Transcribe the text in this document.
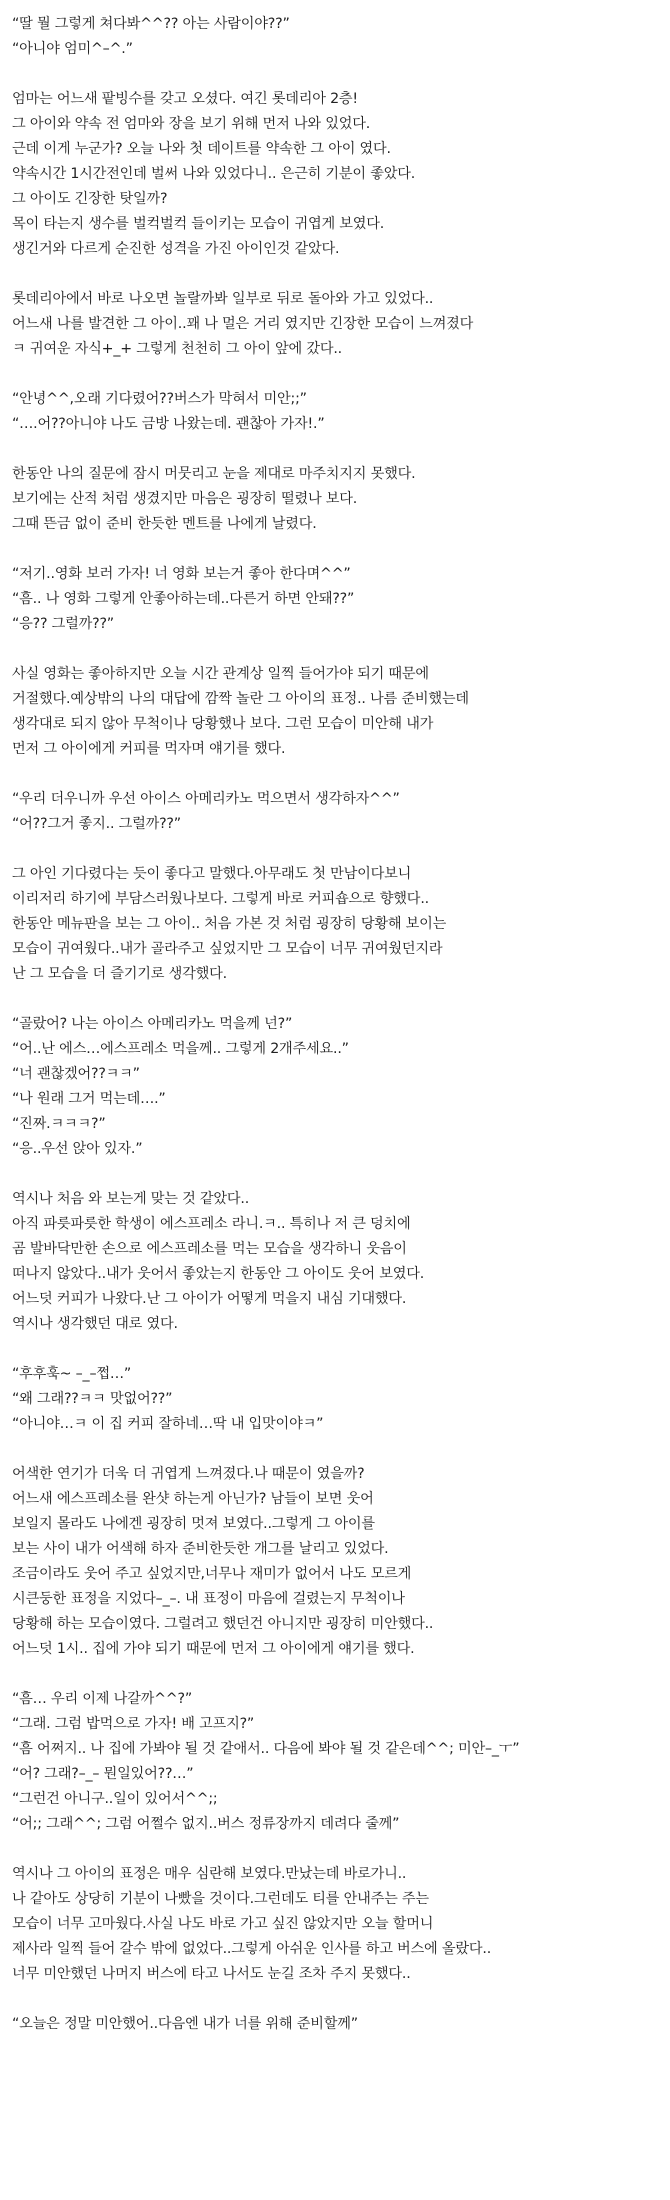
“딸 뭘 그렇게 쳐다봐^^?? 아는 사람이야??”
“아니야 엄미^–^.”
엄마는 어느새 팥빙수를 갖고 오셨다. 여긴 롯데리아 2층!
그 아이와 약속 전 엄마와 장을 보기 위해 먼저 나와 있었다.
근데 이게 누군가? 오늘 나와 첫 데이트를 약속한 그 아이 였다.
약속시간 1시간전인데 벌써 나와 있었다니.. 은근히 기분이 좋았다.
그 아이도 긴장한 탓일까?
목이 타는지 생수를 벌컥벌컥 들이키는 모습이 귀엽게 보였다.
생긴거와 다르게 순진한 성격을 가진 아이인것 같았다.
롯데리아에서 바로 나오면 놀랄까봐 일부로 뒤로 돌아와 가고 있었다..
어느새 나를 발견한 그 아이..꽤 나 멀은 거리 였지만 긴장한 모습이 느껴졌다
ㅋ 귀여운 자식+_+ 그렇게 천천히 그 아이 앞에 갔다..
“안녕^^,오래 기다렸어??버스가 막혀서 미안;;”
“….어??아니야 나도 금방 나왔는데. 괜찮아 가자!.”
한동안 나의 질문에 잠시 머뭇리고 눈을 제대로 마주치지지 못했다.
보기에는 산적 처럼 생겼지만 마음은 굉장히 떨렸나 보다.
그때 뜬금 없이 준비 한듯한 멘트를 나에게 날렸다.
“저기..영화 보러 가자! 너 영화 보는거 좋아 한다며^^”
“흠.. 나 영화 그렇게 안좋아하는데..다른거 하면 안돼??”
“응?? 그럴까??”
사실 영화는 좋아하지만 오늘 시간 관계상 일찍 들어가야 되기 때문에
거절했다.예상밖의 나의 대답에 깜짝 놀란 그 아이의 표정.. 나름 준비했는데
생각대로 되지 않아 무척이나 당황했나 보다. 그런 모습이 미안해 내가
먼저 그 아이에게 커피를 먹자며 얘기를 했다.
“우리 더우니까 우선 아이스 아메리카노 먹으면서 생각하자^^”
“어??그거 좋지.. 그럴까??”
그 아인 기다렸다는 듯이 좋다고 말했다.아무래도 첫 만남이다보니
이리저리 하기에 부담스러웠나보다. 그렇게 바로 커피숍으로 향했다..
한동안 메뉴판을 보는 그 아이.. 처음 가본 것 처럼 굉장히 당황해 보이는
모습이 귀여웠다..내가 골라주고 싶었지만 그 모습이 너무 귀여웠던지라
난 그 모습을 더 즐기기로 생각했다.
“골랐어? 나는 아이스 아메리카노 먹을께 넌?”
“어..난 에스…에스프레소 먹을께.. 그렇게 2개주세요..”
“너 괜찮겠어??ㅋㅋ”
“나 원래 그거 먹는데….”
“진짜.ㅋㅋㅋ?”
“응..우선 앉아 있자.”
역시나 처음 와 보는게 맞는 것 같았다..
아직 파릇파릇한 학생이 에스프레소 라니.ㅋ.. 특히나 저 큰 덩치에
곰 발바닥만한 손으로 에스프레소를 먹는 모습을 생각하니 웃음이
떠나지 않았다..내가 웃어서 좋았는지 한동안 그 아이도 웃어 보였다.
어느덧 커피가 나왔다.난 그 아이가 어떻게 먹을지 내심 기대했다.
역시나 생각했던 대로 였다.
“후후훅~ –_–쩝…”
“왜 그래??ㅋㅋ 맛없어??”
“아니야…ㅋ 이 집 커피 잘하네…딱 내 입맛이야ㅋ”
어색한 연기가 더욱 더 귀엽게 느껴졌다.나 때문이 였을까?
어느새 에스프레소를 완샷 하는게 아닌가? 남들이 보면 웃어
보일지 몰라도 나에겐 굉장히 멋져 보였다..그렇게 그 아이를
보는 사이 내가 어색해 하자 준비한듯한 개그를 날리고 있었다.
조금이라도 웃어 주고 싶었지만,너무나 재미가 없어서 나도 모르게
시큰둥한 표정을 지었다–_–. 내 표정이 마음에 걸렸는지 무척이나
당황해 하는 모습이였다. 그럴려고 했던건 아니지만 굉장히 미안했다..
어느덧 1시.. 집에 가야 되기 때문에 먼저 그 아이에게 얘기를 했다.
“흠… 우리 이제 나갈까^^?”
“그래. 그럼 밥먹으로 가자! 배 고프지?”
“흠 어쩌지.. 나 집에 가봐야 될 것 같애서.. 다음에 봐야 될 것 같은데^^; 미안–_ㅜ”
“어? 그래?–_– 뭔일있어??…”
“그런건 아니구..일이 있어서^^;;
“어;; 그래^^; 그럼 어쩔수 없지..버스 정류장까지 데려다 줄께”
역시나 그 아이의 표정은 매우 심란해 보였다.만났는데 바로가니..
나 같아도 상당히 기분이 나빴을 것이다.그런데도 티를 안내주는 주는
모습이 너무 고마웠다.사실 나도 바로 가고 싶진 않았지만 오늘 할머니
제사라 일찍 들어 갈수 밖에 없었다..그렇게 아쉬운 인사를 하고 버스에 올랐다..
너무 미안했던 나머지 버스에 타고 나서도 눈길 조차 주지 못했다..
“오늘은 정말 미안했어..다음엔 내가 너를 위해 준비할께”
